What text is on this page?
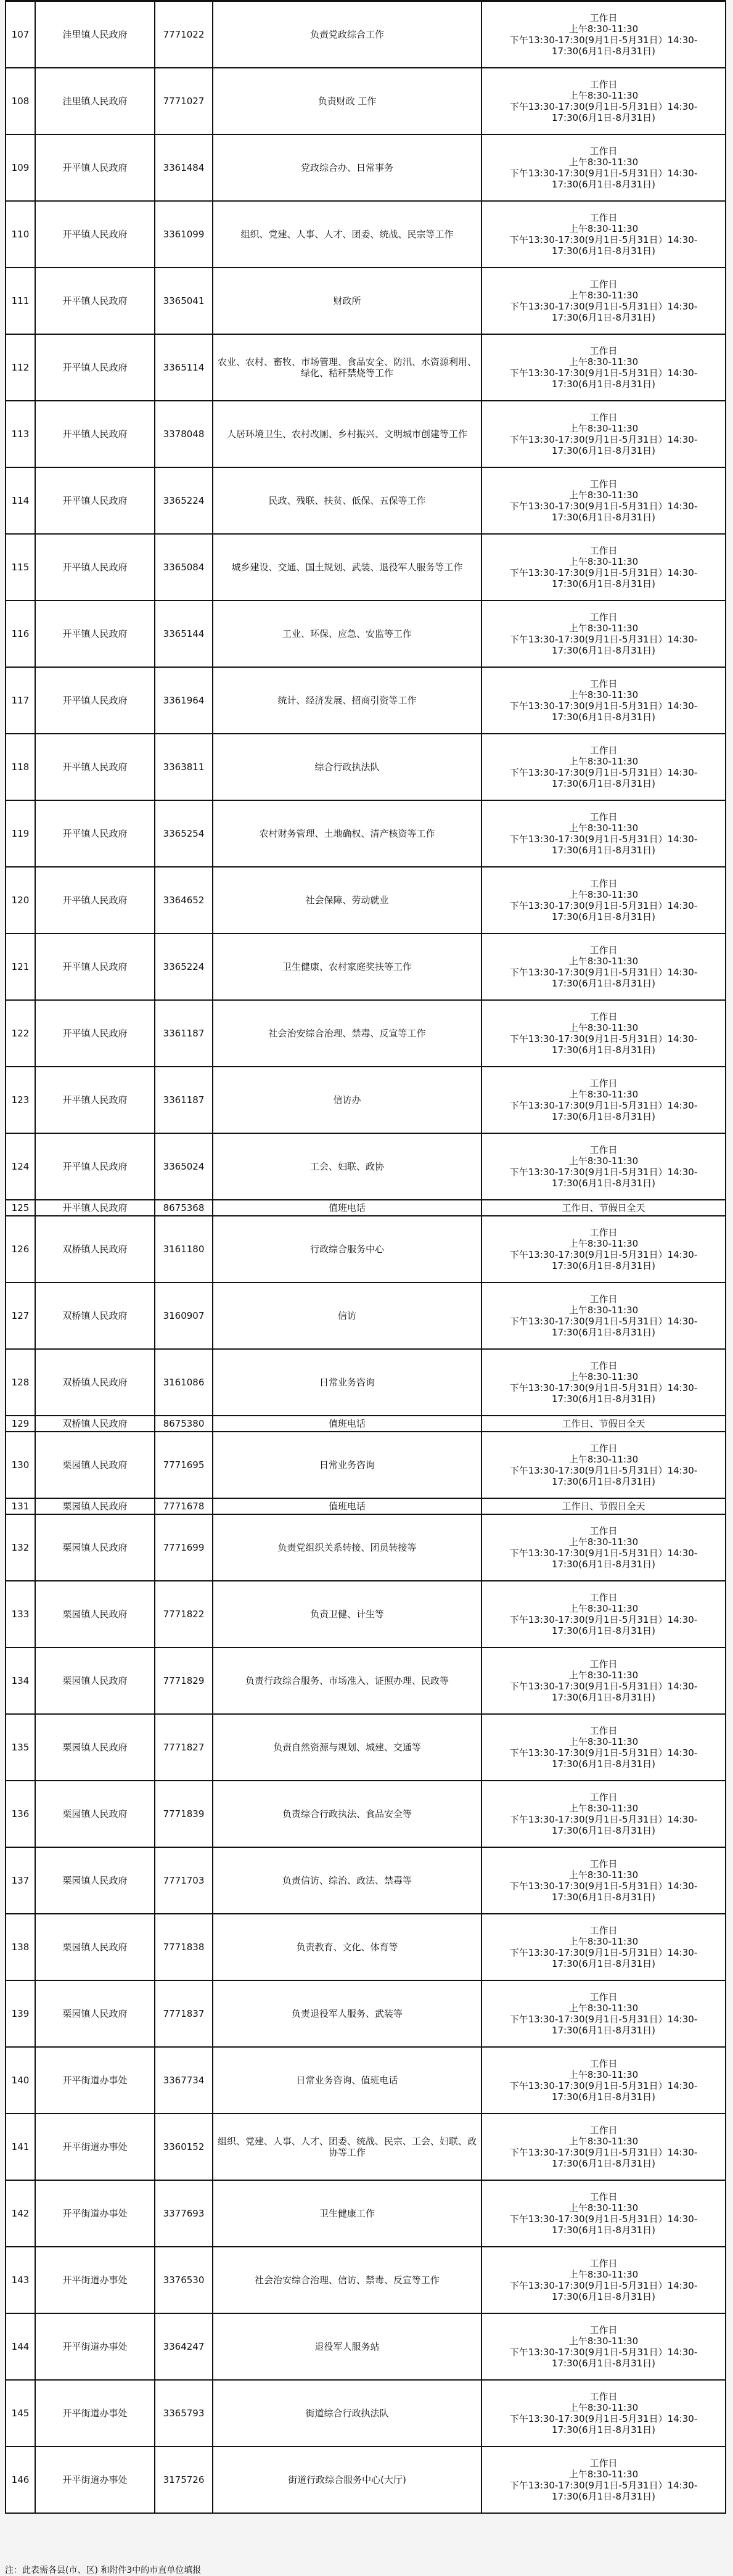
107	洼里镇人民政府	7771022	负责党政综合工作	工作日
上午8:30-11:30
下午13:30-17:30(9月1日-5月31日）14:30-
17:30(6月1日-8月31日)

108	洼里镇人民政府	7771027	负责财政 工作	工作日
上午8:30-11:30
下午13:30-17:30(9月1日-5月31日）14:30-
17:30(6月1日-8月31日)

109	开平镇人民政府	3361484	党政综合办、日常事务	工作日
上午8:30-11:30
下午13:30-17:30(9月1日-5月31日）14:30-
17:30(6月1日-8月31日)

110	开平镇人民政府	3361099	组织、党建、人事、人才、团委、统战、民宗等工作	工作日
上午8:30-11:30
下午13:30-17:30(9月1日-5月31日）14:30-
17:30(6月1日-8月31日)

111	开平镇人民政府	3365041	财政所	工作日
上午8:30-11:30
下午13:30-17:30(9月1日-5月31日）14:30-
17:30(6月1日-8月31日)

112	开平镇人民政府	3365114	农业、农村、畜牧、市场管理、食品安全、防汛、水资源利用、绿化、秸秆禁烧等工作	工作日
上午8:30-11:30
下午13:30-17:30(9月1日-5月31日）14:30-
17:30(6月1日-8月31日)

113	开平镇人民政府	3378048	人居环境卫生、农村改厕、乡村振兴、文明城市创建等工作	工作日
上午8:30-11:30
下午13:30-17:30(9月1日-5月31日）14:30-
17:30(6月1日-8月31日)

114	开平镇人民政府	3365224	民政、残联、扶贫、低保、五保等工作	工作日
上午8:30-11:30
下午13:30-17:30(9月1日-5月31日）14:30-
17:30(6月1日-8月31日)

115	开平镇人民政府	3365084	城乡建设、交通、国土规划、武装、退役军人服务等工作	工作日
上午8:30-11:30
下午13:30-17:30(9月1日-5月31日）14:30-
17:30(6月1日-8月31日)

116	开平镇人民政府	3365144	工业、环保、应急、安监等工作	工作日
上午8:30-11:30
下午13:30-17:30(9月1日-5月31日）14:30-
17:30(6月1日-8月31日)

117	开平镇人民政府	3361964	统计、经济发展、招商引资等工作	工作日
上午8:30-11:30
下午13:30-17:30(9月1日-5月31日）14:30-
17:30(6月1日-8月31日)

118	开平镇人民政府	3363811	综合行政执法队	工作日
上午8:30-11:30
下午13:30-17:30(9月1日-5月31日）14:30-
17:30(6月1日-8月31日)

119	开平镇人民政府	3365254	农村财务管理、土地确权、清产核资等工作	工作日
上午8:30-11:30
下午13:30-17:30(9月1日-5月31日）14:30-
17:30(6月1日-8月31日)

120	开平镇人民政府	3364652	社会保障、劳动就业	工作日
上午8:30-11:30
下午13:30-17:30(9月1日-5月31日）14:30-
17:30(6月1日-8月31日)

121	开平镇人民政府	3365224	卫生健康、农村家庭奖扶等工作	工作日
上午8:30-11:30
下午13:30-17:30(9月1日-5月31日）14:30-
17:30(6月1日-8月31日)

122	开平镇人民政府	3361187	社会治安综合治理、禁毒、反宣等工作	工作日
上午8:30-11:30
下午13:30-17:30(9月1日-5月31日）14:30-
17:30(6月1日-8月31日)

123	开平镇人民政府	3361187	信访办	工作日
上午8:30-11:30
下午13:30-17:30(9月1日-5月31日）14:30-
17:30(6月1日-8月31日)

124	开平镇人民政府	3365024	工会、妇联、政协	工作日
上午8:30-11:30
下午13:30-17:30(9月1日-5月31日）14:30-
17:30(6月1日-8月31日)

125	开平镇人民政府	8675368	值班电话	工作日、节假日全天

126	双桥镇人民政府	3161180	行政综合服务中心	工作日
上午8:30-11:30
下午13:30-17:30(9月1日-5月31日）14:30-
17:30(6月1日-8月31日)

127	双桥镇人民政府	3160907	信访	工作日
上午8:30-11:30
下午13:30-17:30(9月1日-5月31日）14:30-
17:30(6月1日-8月31日)

128	双桥镇人民政府	3161086	日常业务咨询	工作日
上午8:30-11:30
下午13:30-17:30(9月1日-5月31日）14:30-
17:30(6月1日-8月31日)

129	双桥镇人民政府	8675380	值班电话	工作日、节假日全天

130	栗园镇人民政府	7771695	日常业务咨询	工作日
上午8:30-11:30
下午13:30-17:30(9月1日-5月31日）14:30-
17:30(6月1日-8月31日)

131	栗园镇人民政府	7771678	值班电话	工作日、节假日全天

132	栗园镇人民政府	7771699	负责党组织关系转接、团员转接等	工作日
上午8:30-11:30
下午13:30-17:30(9月1日-5月31日）14:30-
17:30(6月1日-8月31日)

133	栗园镇人民政府	7771822	负责卫健、计生等	工作日
上午8:30-11:30
下午13:30-17:30(9月1日-5月31日）14:30-
17:30(6月1日-8月31日)

134	栗园镇人民政府	7771829	负责行政综合服务、市场准入、证照办理、民政等	工作日
上午8:30-11:30
下午13:30-17:30(9月1日-5月31日）14:30-
17:30(6月1日-8月31日)

135	栗园镇人民政府	7771827	负责自然资源与规划、城建、交通等	工作日
上午8:30-11:30
下午13:30-17:30(9月1日-5月31日）14:30-
17:30(6月1日-8月31日)

136	栗园镇人民政府	7771839	负责综合行政执法、食品安全等	工作日
上午8:30-11:30
下午13:30-17:30(9月1日-5月31日）14:30-
17:30(6月1日-8月31日)

137	栗园镇人民政府	7771703	负责信访、综治、政法、禁毒等	工作日
上午8:30-11:30
下午13:30-17:30(9月1日-5月31日）14:30-
17:30(6月1日-8月31日)

138	栗园镇人民政府	7771838	负责教育、文化、体育等	工作日
上午8:30-11:30
下午13:30-17:30(9月1日-5月31日）14:30-
17:30(6月1日-8月31日)

139	栗园镇人民政府	7771837	负责退役军人服务、武装等	工作日
上午8:30-11:30
下午13:30-17:30(9月1日-5月31日）14:30-
17:30(6月1日-8月31日)

140	开平街道办事处	3367734	日常业务咨询、值班电话	工作日
上午8:30-11:30
下午13:30-17:30(9月1日-5月31日）14:30-
17:30(6月1日-8月31日)

141	开平街道办事处	3360152	组织、党建、人事、人才、团委、统战、民宗、工会、妇联、政协等工作	工作日
上午8:30-11:30
下午13:30-17:30(9月1日-5月31日）14:30-
17:30(6月1日-8月31日)

142	开平街道办事处	3377693	卫生健康工作	工作日
上午8:30-11:30
下午13:30-17:30(9月1日-5月31日）14:30-
17:30(6月1日-8月31日)

143	开平街道办事处	3376530	社会治安综合治理、信访、禁毒、反宣等工作	工作日
上午8:30-11:30
下午13:30-17:30(9月1日-5月31日）14:30-
17:30(6月1日-8月31日)

144	开平街道办事处	3364247	退役军人服务站	工作日
上午8:30-11:30
下午13:30-17:30(9月1日-5月31日）14:30-
17:30(6月1日-8月31日)

145	开平街道办事处	3365793	街道综合行政执法队	工作日
上午8:30-11:30
下午13:30-17:30(9月1日-5月31日）14:30-
17:30(6月1日-8月31日)

146	开平街道办事处	3175726	街道行政综合服务中心(大厅)	工作日
上午8:30-11:30
下午13:30-17:30(9月1日-5月31日）14:30-
17:30(6月1日-8月31日)
注：此表需各县(市、区) 和附件3中的市直单位填报
